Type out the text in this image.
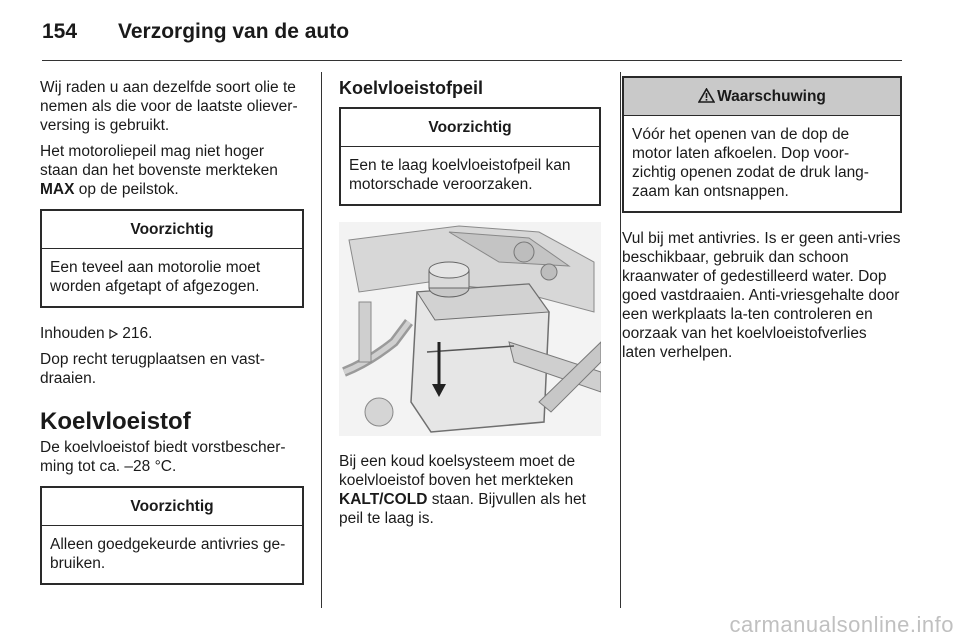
154 Verzorging van de auto

Wij raden u aan dezelfde soort olie te nemen als die voor de laatste oliever-versing is gebruikt.

Het motoroliepeil mag niet hoger staan dan het bovenste merkteken MAX op de peilstok.

Voorzichtig
Een teveel aan motorolie moet worden afgetapt of afgezogen.

Inhouden  216.

Dop recht terugplaatsen en vast-draaien.

Koelvloeistof

De koelvloeistof biedt vorstbescher-ming tot ca. –28 °C.

Voorzichtig
Alleen goedgekeurde antivries ge-bruiken.
Koelvloeistofpeil
Voorzichtig
Een te laag koelvloeistofpeil kan motorschade veroorzaken.

Bij een koud koelsysteem moet de koelvloeistof boven het merkteken KALT/COLD staan. Bijvullen als het peil te laag is.

Waarschuwing
Vóór het openen van de dop de motor laten afkoelen. Dop voor-zichtig openen zodat de druk lang-zaam kan ontsnappen.

Vul bij met antivries. Is er geen anti-vries beschikbaar, gebruik dan schoon kraanwater of gedestilleerd water. Dop goed vastdraaien. Anti-vriesgehalte door een werkplaats la-ten controleren en oorzaak van het koelvloeistofverlies laten verhelpen.

carmanualsonline.info
